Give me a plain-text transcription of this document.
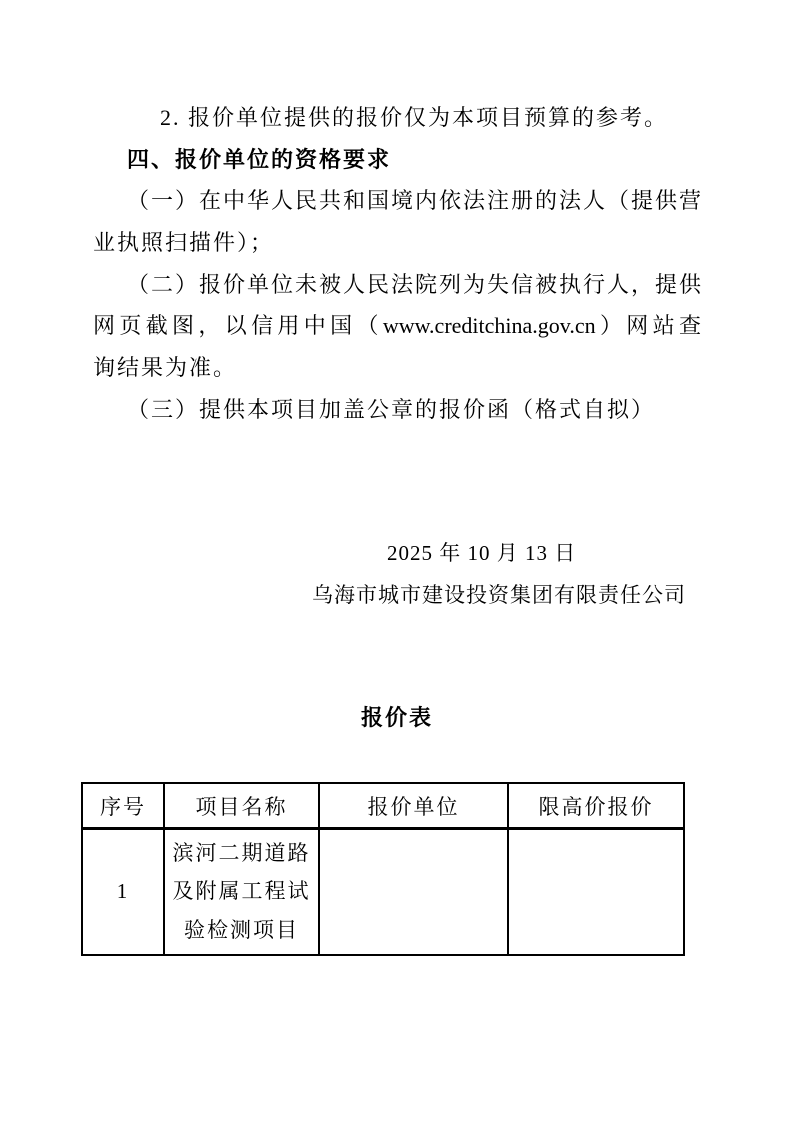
2. 报价单位提供的报价仅为本项目预算的参考。
四、报价单位的资格要求
（一）在中华人民共和国境内依法注册的法人（提供营
业执照扫描件）；
（二）报价单位未被人民法院列为失信被执行人，提供
网页截图，以信用中国（www.creditchina.gov.cn）网站查
询结果为准。
（三）提供本项目加盖公章的报价函（格式自拟）
2025 年 10 月 13 日
乌海市城市建设投资集团有限责任公司
报价表
序号	项目名称	报价单位	限高价报价
1	滨河二期道路
及附属工程试
验检测项目		
